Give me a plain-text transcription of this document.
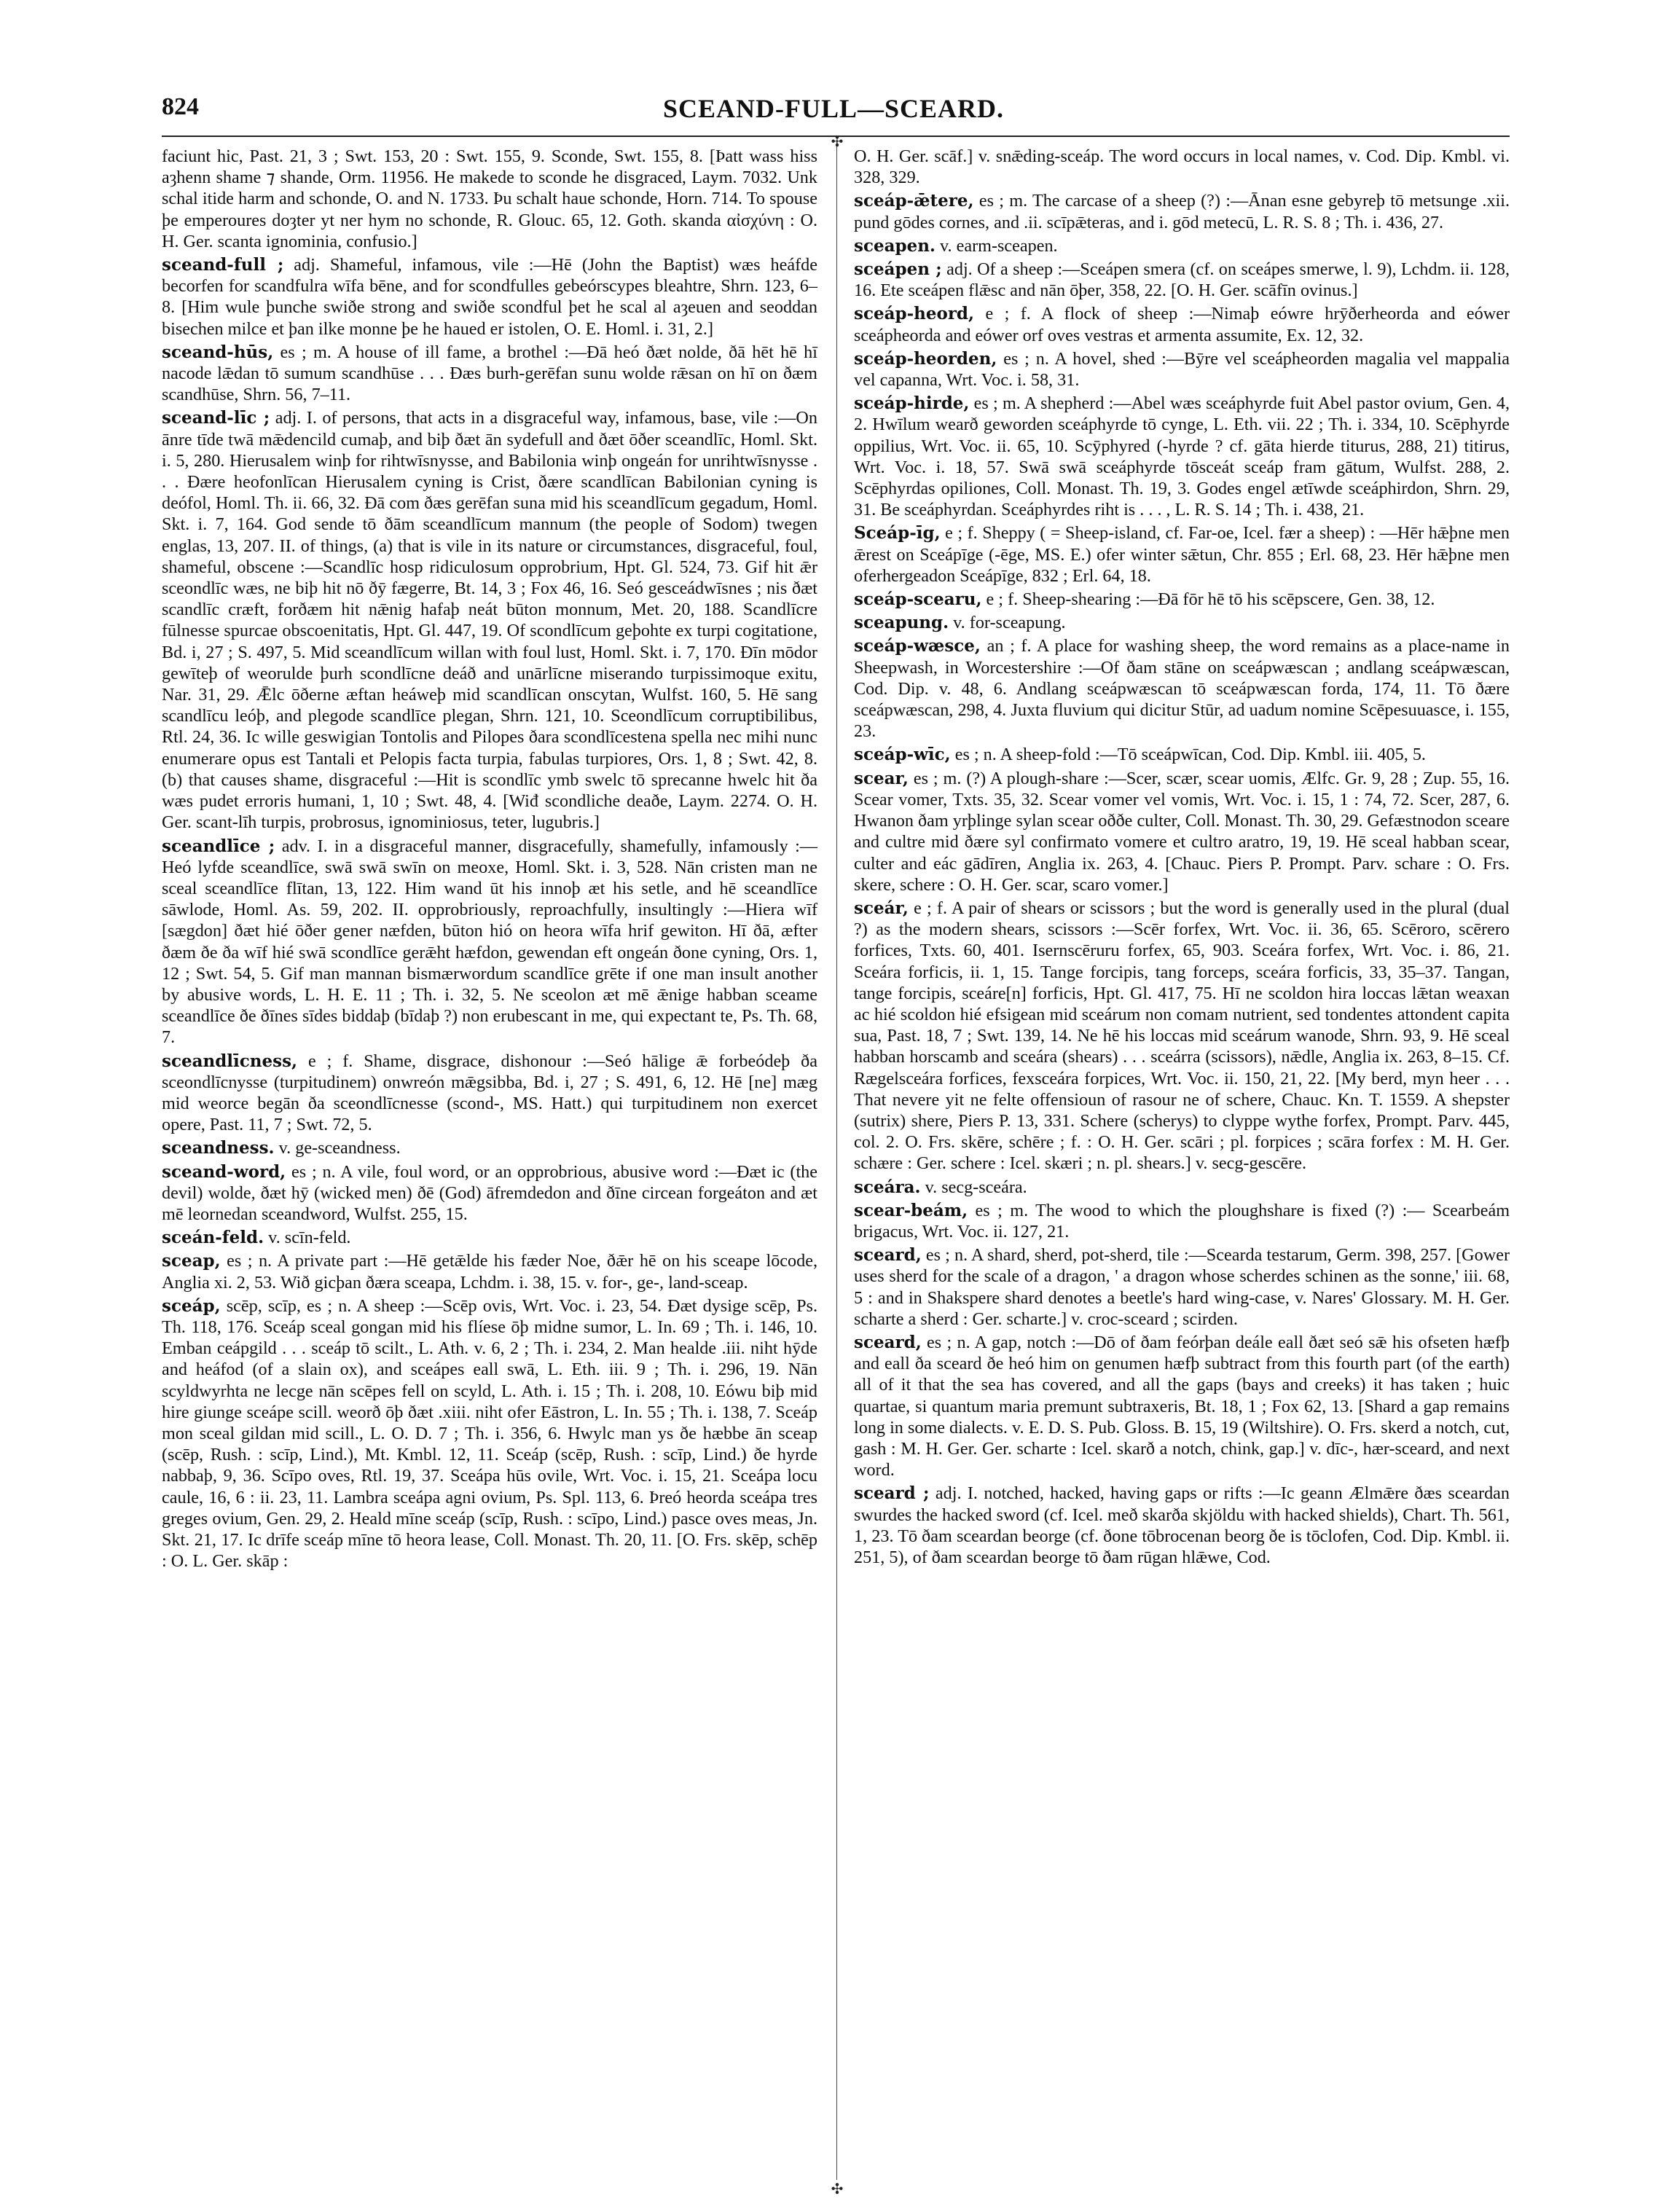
824	SCEAND-FULL—SCEARD.
✣
✣

faciunt hic, Past. 21, 3 ; Swt. 153, 20 : Swt. 155, 9. Sconde, Swt. 155, 8. [Þatt wass hiss aȝhenn shame ⁊ shande, Orm. 11956. He makede to sconde he disgraced, Laym. 7032. Unk schal itide harm and schonde, O. and N. 1733. Þu schalt haue schonde, Horn. 714. To spouse þe emperoures doȝter yt ner hym no schonde, R. Glouc. 65, 12. Goth. skanda αἰσχύνη : O. H. Ger. scanta ignominia, confusio.]

sceand-full ; adj. Shameful, infamous, vile :—Hē (John the Baptist) wæs heáfde becorfen for scandfulra wīfa bēne, and for scondfulles gebeórscypes bleahtre, Shrn. 123, 6–8. [Him wule þunche swiðe strong and swiðe scondful þet he scal al aȝeuen and seoddan bisechen milce et þan ilke monne þe he haued er istolen, O. E. Homl. i. 31, 2.]

sceand-hūs, es ; m. A house of ill fame, a brothel :—Ðā heó ðæt nolde, ðā hēt hē hī nacode lǣdan tō sumum scandhūse . . . Ðæs burh-gerēfan sunu wolde rǣsan on hī on ðæm scandhūse, Shrn. 56, 7–11.

sceand-līc ; adj. I. of persons, that acts in a disgraceful way, infamous, base, vile :—On ānre tīde twā mǣdencild cumaþ, and biþ ðæt ān sydefull and ðæt ōðer sceandlīc, Homl. Skt. i. 5, 280. Hierusalem winþ for rihtwīsnysse, and Babilonia winþ ongeán for unrihtwīsnysse . . . Ðære heofonlīcan Hierusalem cyning is Crist, ðære scandlīcan Babilonian cyning is deófol, Homl. Th. ii. 66, 32. Ðā com ðæs gerēfan suna mid his sceandlīcum gegadum, Homl. Skt. i. 7, 164. God sende tō ðām sceandlīcum mannum (the people of Sodom) twegen englas, 13, 207. II. of things, (a) that is vile in its nature or circumstances, disgraceful, foul, shameful, obscene :—Scandlīc hosp ridiculosum opprobrium, Hpt. Gl. 524, 73. Gif hit ǣr sceondlīc wæs, ne biþ hit nō ðȳ fægerre, Bt. 14, 3 ; Fox 46, 16. Seó gesceádwīsnes ; nis ðæt scandlīc cræft, forðæm hit nǣnig hafaþ neát būton monnum, Met. 20, 188. Scandlīcre fūlnesse spurcae obscoenitatis, Hpt. Gl. 447, 19. Of scondlīcum geþohte ex turpi cogitatione, Bd. i, 27 ; S. 497, 5. Mid sceandlīcum willan with foul lust, Homl. Skt. i. 7, 170. Ðīn mōdor gewīteþ of weoruldе þurh scondlīcne deáð and unārlīcne miserando turpissimoque exitu, Nar. 31, 29. Ǣlc ōðerne æftan heáweþ mid scandlīcan onscytan, Wulfst. 160, 5. Hē sang scandlīcu leóþ, and plegode scandlīce plegan, Shrn. 121, 10. Sceondlīcum corruptibilibus, Rtl. 24, 36. Ic wille geswigian Tontolis and Pilopes ðara scondlīcestena spella nec mihi nunc enumerare opus est Tantali et Pelopis facta turpia, fabulas turpiores, Ors. 1, 8 ; Swt. 42, 8. (b) that causes shame, disgraceful :—Hit is scondlīc ymb swelc tō sprecanne hwelc hit ða wæs pudet erroris humani, 1, 10 ; Swt. 48, 4. [Wiđ scondliche deaðe, Laym. 2274. O. H. Ger. scant-līh turpis, probrosus, ignominiosus, teter, lugubris.]

sceandlīce ; adv. I. in a disgraceful manner, disgracefully, shamefully, infamously :—Heó lyfde sceandlīce, swā swā swīn on meoxe, Homl. Skt. i. 3, 528. Nān cristen man ne sceal sceandlīce flītan, 13, 122. Him wand ūt his innoþ æt his setle, and hē sceandlīce sāwlode, Homl. As. 59, 202. II. opprobriously, reproachfully, insultingly :—Hiera wīf [sægdon] ðæt hié ōðer gener næfden, būton hió on heora wīfa hrif gewiton. Hī ðā, æfter ðæm ðe ða wīf hié swā scondlīce gerǣht hæfdon, gewendan eft ongeán ðone cyning, Ors. 1, 12 ; Swt. 54, 5. Gif man mannan bismærwordum scandlīce grēte if one man insult another by abusive words, L. H. E. 11 ; Th. i. 32, 5. Ne sceolon æt mē ǣnige habban sceame sceandlīce ðe ðīnes sīdes biddaþ (bīdaþ ?) non erubescant in me, qui expectant te, Ps. Th. 68, 7.

sceandlīcness, e ; f. Shame, disgrace, dishonour :—Seó hālige ǣ forbeódeþ ða sceondlīcnysse (turpitudinem) onwreón mǣgsibba, Bd. i, 27 ; S. 491, 6, 12. Hē [ne] mæg mid weorce begān ða sceondlīcnesse (scond-, MS. Hatt.) qui turpitudinem non exercet opere, Past. 11, 7 ; Swt. 72, 5.

sceandness. v. ge-sceandness.

sceand-word, es ; n. A vile, foul word, or an opprobrious, abusive word :—Ðæt ic (the devil) wolde, ðæt hȳ (wicked men) ðē (God) āfremdedon and ðīne circean forgeáton and æt mē leornedan sceandword, Wulfst. 255, 15.

sceán-feld. v. scīn-feld.

sceap, es ; n. A private part :—Hē getǣlde his fæder Noe, ðǣr hē on his sceape lōcode, Anglia xi. 2, 53. Wið gicþan ðæra sceapa, Lchdm. i. 38, 15. v. for-, ge-, land-sceap.

sceáp, scēp, scīp, es ; n. A sheep :—Scēp ovis, Wrt. Voc. i. 23, 54. Ðæt dysige scēp, Ps. Th. 118, 176. Sceáp sceal gongan mid his flíese ōþ midne sumor, L. In. 69 ; Th. i. 146, 10. Emban ceápgild . . . sceáp tō scilt., L. Ath. v. 6, 2 ; Th. i. 234, 2. Man healde .iii. niht hȳde and heáfod (of a slain ox), and sceápes eall swā, L. Eth. iii. 9 ; Th. i. 296, 19. Nān scyldwyrhta ne lecge nān scēpes fell on scyld, L. Ath. i. 15 ; Th. i. 208, 10. Eówu biþ mid hire giunge sceápe scill. weorð ōþ ðæt .xiii. niht ofer Eāstron, L. In. 55 ; Th. i. 138, 7. Sceáp mon sceal gildan mid scill., L. O. D. 7 ; Th. i. 356, 6. Hwylc man ys ðe hæbbe ān sceap (scēp, Rush. : scīp, Lind.), Mt. Kmbl. 12, 11. Sceáp (scēp, Rush. : scīp, Lind.) ðe hyrde nabbaþ, 9, 36. Scīpo oves, Rtl. 19, 37. Sceápa hūs ovile, Wrt. Voc. i. 15, 21. Sceápa locu caule, 16, 6 : ii. 23, 11. Lambra sceápa agni ovium, Ps. Spl. 113, 6. Þreó heorda sceápa tres greges ovium, Gen. 29, 2. Heald mīne sceáp (scīp, Rush. : scīpo, Lind.) pasce oves meas, Jn. Skt. 21, 17. Ic drīfe sceáp mīne tō heora lease, Coll. Monast. Th. 20, 11. [O. Frs. skēp, schēp : O. L. Ger. skāp :

O. H. Ger. scāf.] v. snǣding-sceáp. The word occurs in local names, v. Cod. Dip. Kmbl. vi. 328, 329.

sceáp-ǣtere, es ; m. The carcase of a sheep (?) :—Ānan esne gebyreþ tō metsunge .xii. pund gōdes cornes, and .ii. scīpǣteras, and i. gōd metecū, L. R. S. 8 ; Th. i. 436, 27.

sceapen. v. earm-sceapen.

sceápen ; adj. Of a sheep :—Sceápen smera (cf. on sceápes smerwe, l. 9), Lchdm. ii. 128, 16. Ete sceápen flǣsc and nān ōþer, 358, 22. [O. H. Ger. scāfīn ovinus.]

sceáp-heord, e ; f. A flock of sheep :—Nimaþ eówre hrȳðerheorda and eówer sceápheorda and eówer orf oves vestras et armenta assumite, Ex. 12, 32.

sceáp-heorden, es ; n. A hovel, shed :—Bȳre vel sceápheorden magalia vel mappalia vel capanna, Wrt. Voc. i. 58, 31.

sceáp-hirde, es ; m. A shepherd :—Abel wæs sceáphyrde fuit Abel pastor ovium, Gen. 4, 2. Hwīlum wearð geworden sceáphyrde tō cynge, L. Eth. vii. 22 ; Th. i. 334, 10. Scēphyrde oppilius, Wrt. Voc. ii. 65, 10. Scȳphyred (-hyrde ? cf. gāta hierde titurus, 288, 21) titirus, Wrt. Voc. i. 18, 57. Swā swā sceáphyrde tōsceát sceáp fram gātum, Wulfst. 288, 2. Scēphyrdas opiliones, Coll. Monast. Th. 19, 3. Godes engel ætīwde sceáphirdon, Shrn. 29, 31. Be sceáphyrdan. Sceáphyrdes riht is . . . , L. R. S. 14 ; Th. i. 438, 21.

Sceáp-īg, e ; f. Sheppy ( = Sheep-island, cf. Far-oe, Icel. fær a sheep) : —Hēr hǣþne men ǣrest on Sceápīge (-ēge, MS. E.) ofer winter sǣtun, Chr. 855 ; Erl. 68, 23. Hēr hǣþne men oferhergeadon Sceápīge, 832 ; Erl. 64, 18.

sceáp-scearu, e ; f. Sheep-shearing :—Ðā fōr hē tō his scēpscere, Gen. 38, 12.

sceapung. v. for-sceapung.

sceáp-wæsce, an ; f. A place for washing sheep, the word remains as a place-name in Sheepwash, in Worcestershire :—Of ðam stāne on sceápwæscan ; andlang sceápwæscan, Cod. Dip. v. 48, 6. Andlang sceápwæscan tō sceápwæscan forda, 174, 11. Tō ðære sceápwæscan, 298, 4. Juxta fluvium qui dicitur Stūr, ad uadum nomine Scēpesuuasce, i. 155, 23.

sceáp-wīc, es ; n. A sheep-fold :—Tō sceápwīcan, Cod. Dip. Kmbl. iii. 405, 5.

scear, es ; m. (?) A plough-share :—Scer, scær, scear uomis, Ælfc. Gr. 9, 28 ; Zup. 55, 16. Scear vomer, Txts. 35, 32. Scear vomer vel vomis, Wrt. Voc. i. 15, 1 : 74, 72. Scer, 287, 6. Hwanon ðam yrþlinge sylan scear oððe culter, Coll. Monast. Th. 30, 29. Gefæstnodon sceare and cultre mid ðære syl confirmato vomere et cultro aratro, 19, 19. Hē sceal habban scear, culter and eác gādīren, Anglia ix. 263, 4. [Chauc. Piers P. Prompt. Parv. schare : O. Frs. skere, schere : O. H. Ger. scar, scaro vomer.]

sceár, e ; f. A pair of shears or scissors ; but the word is generally used in the plural (dual ?) as the modern shears, scissors :—Scēr forfex, Wrt. Voc. ii. 36, 65. Scēroro, scērero forfices, Txts. 60, 401. Isernscēruru forfex, 65, 903. Sceára forfex, Wrt. Voc. i. 86, 21. Sceára forficis, ii. 1, 15. Tange forcipis, tang forceps, sceára forficis, 33, 35–37. Tangan, tange forcipis, sceáre[n] forficis, Hpt. Gl. 417, 75. Hī ne scoldon hira loccas lǣtan weaxan ac hié scoldon hié efsigean mid sceárum non comam nutrient, sed tondentes attondent capita sua, Past. 18, 7 ; Swt. 139, 14. Ne hē his loccas mid sceárum wanode, Shrn. 93, 9. Hē sceal habban horscamb and sceára (shears) . . . sceárra (scissors), nǣdle, Anglia ix. 263, 8–15. Cf. Rægelsceára forfices, fexsceára forpices, Wrt. Voc. ii. 150, 21, 22. [My berd, myn heer . . . That nevere yit ne felte offensioun of rasour ne of schere, Chauc. Kn. T. 1559. A shepster (sutrix) shere, Piers P. 13, 331. Schere (scherys) to clyppe wythe forfex, Prompt. Parv. 445, col. 2. O. Frs. skēre, schēre ; f. : O. H. Ger. scāri ; pl. forpices ; scāra forfex : M. H. Ger. schære : Ger. schere : Icel. skæri ; n. pl. shears.] v. secg-gescēre.

sceára. v. secg-sceára.

scear-beám, es ; m. The wood to which the ploughshare is fixed (?) :— Scearbeám brigacus, Wrt. Voc. ii. 127, 21.

sceard, es ; n. A shard, sherd, pot-sherd, tile :—Scearda testarum, Germ. 398, 257. [Gower uses sherd for the scale of a dragon, ' a dragon whose scherdes schinen as the sonne,' iii. 68, 5 : and in Shakspere shard denotes a beetle's hard wing-case, v. Nares' Glossary. M. H. Ger. scharte a sherd : Ger. scharte.] v. croc-sceard ; scirden.

sceard, es ; n. A gap, notch :—Dō of ðam feórþan deále eall ðæt seó sǣ his ofseten hæfþ and eall ða sceard ðe heó him on genumen hæfþ subtract from this fourth part (of the earth) all of it that the sea has covered, and all the gaps (bays and creeks) it has taken ; huic quartae, si quantum maria premunt subtraxeris, Bt. 18, 1 ; Fox 62, 13. [Shard a gap remains long in some dialects. v. E. D. S. Pub. Gloss. B. 15, 19 (Wiltshire). O. Frs. skerd a notch, cut, gash : M. H. Ger. Ger. scharte : Icel. skarð a notch, chink, gap.] v. dīc-, hær-sceard, and next word.

sceard ; adj. I. notched, hacked, having gaps or rifts :—Ic geann Ælmǣre ðæs sceardan swurdes the hacked sword (cf. Icel. með skarða skjöldu with hacked shields), Chart. Th. 561, 1, 23. Tō ðam sceardan beorge (cf. ðone tōbrocenan beorg ðe is tōclofen, Cod. Dip. Kmbl. ii. 251, 5), of ðam sceardan beorge tō ðam rūgan hlǣwe, Cod.
